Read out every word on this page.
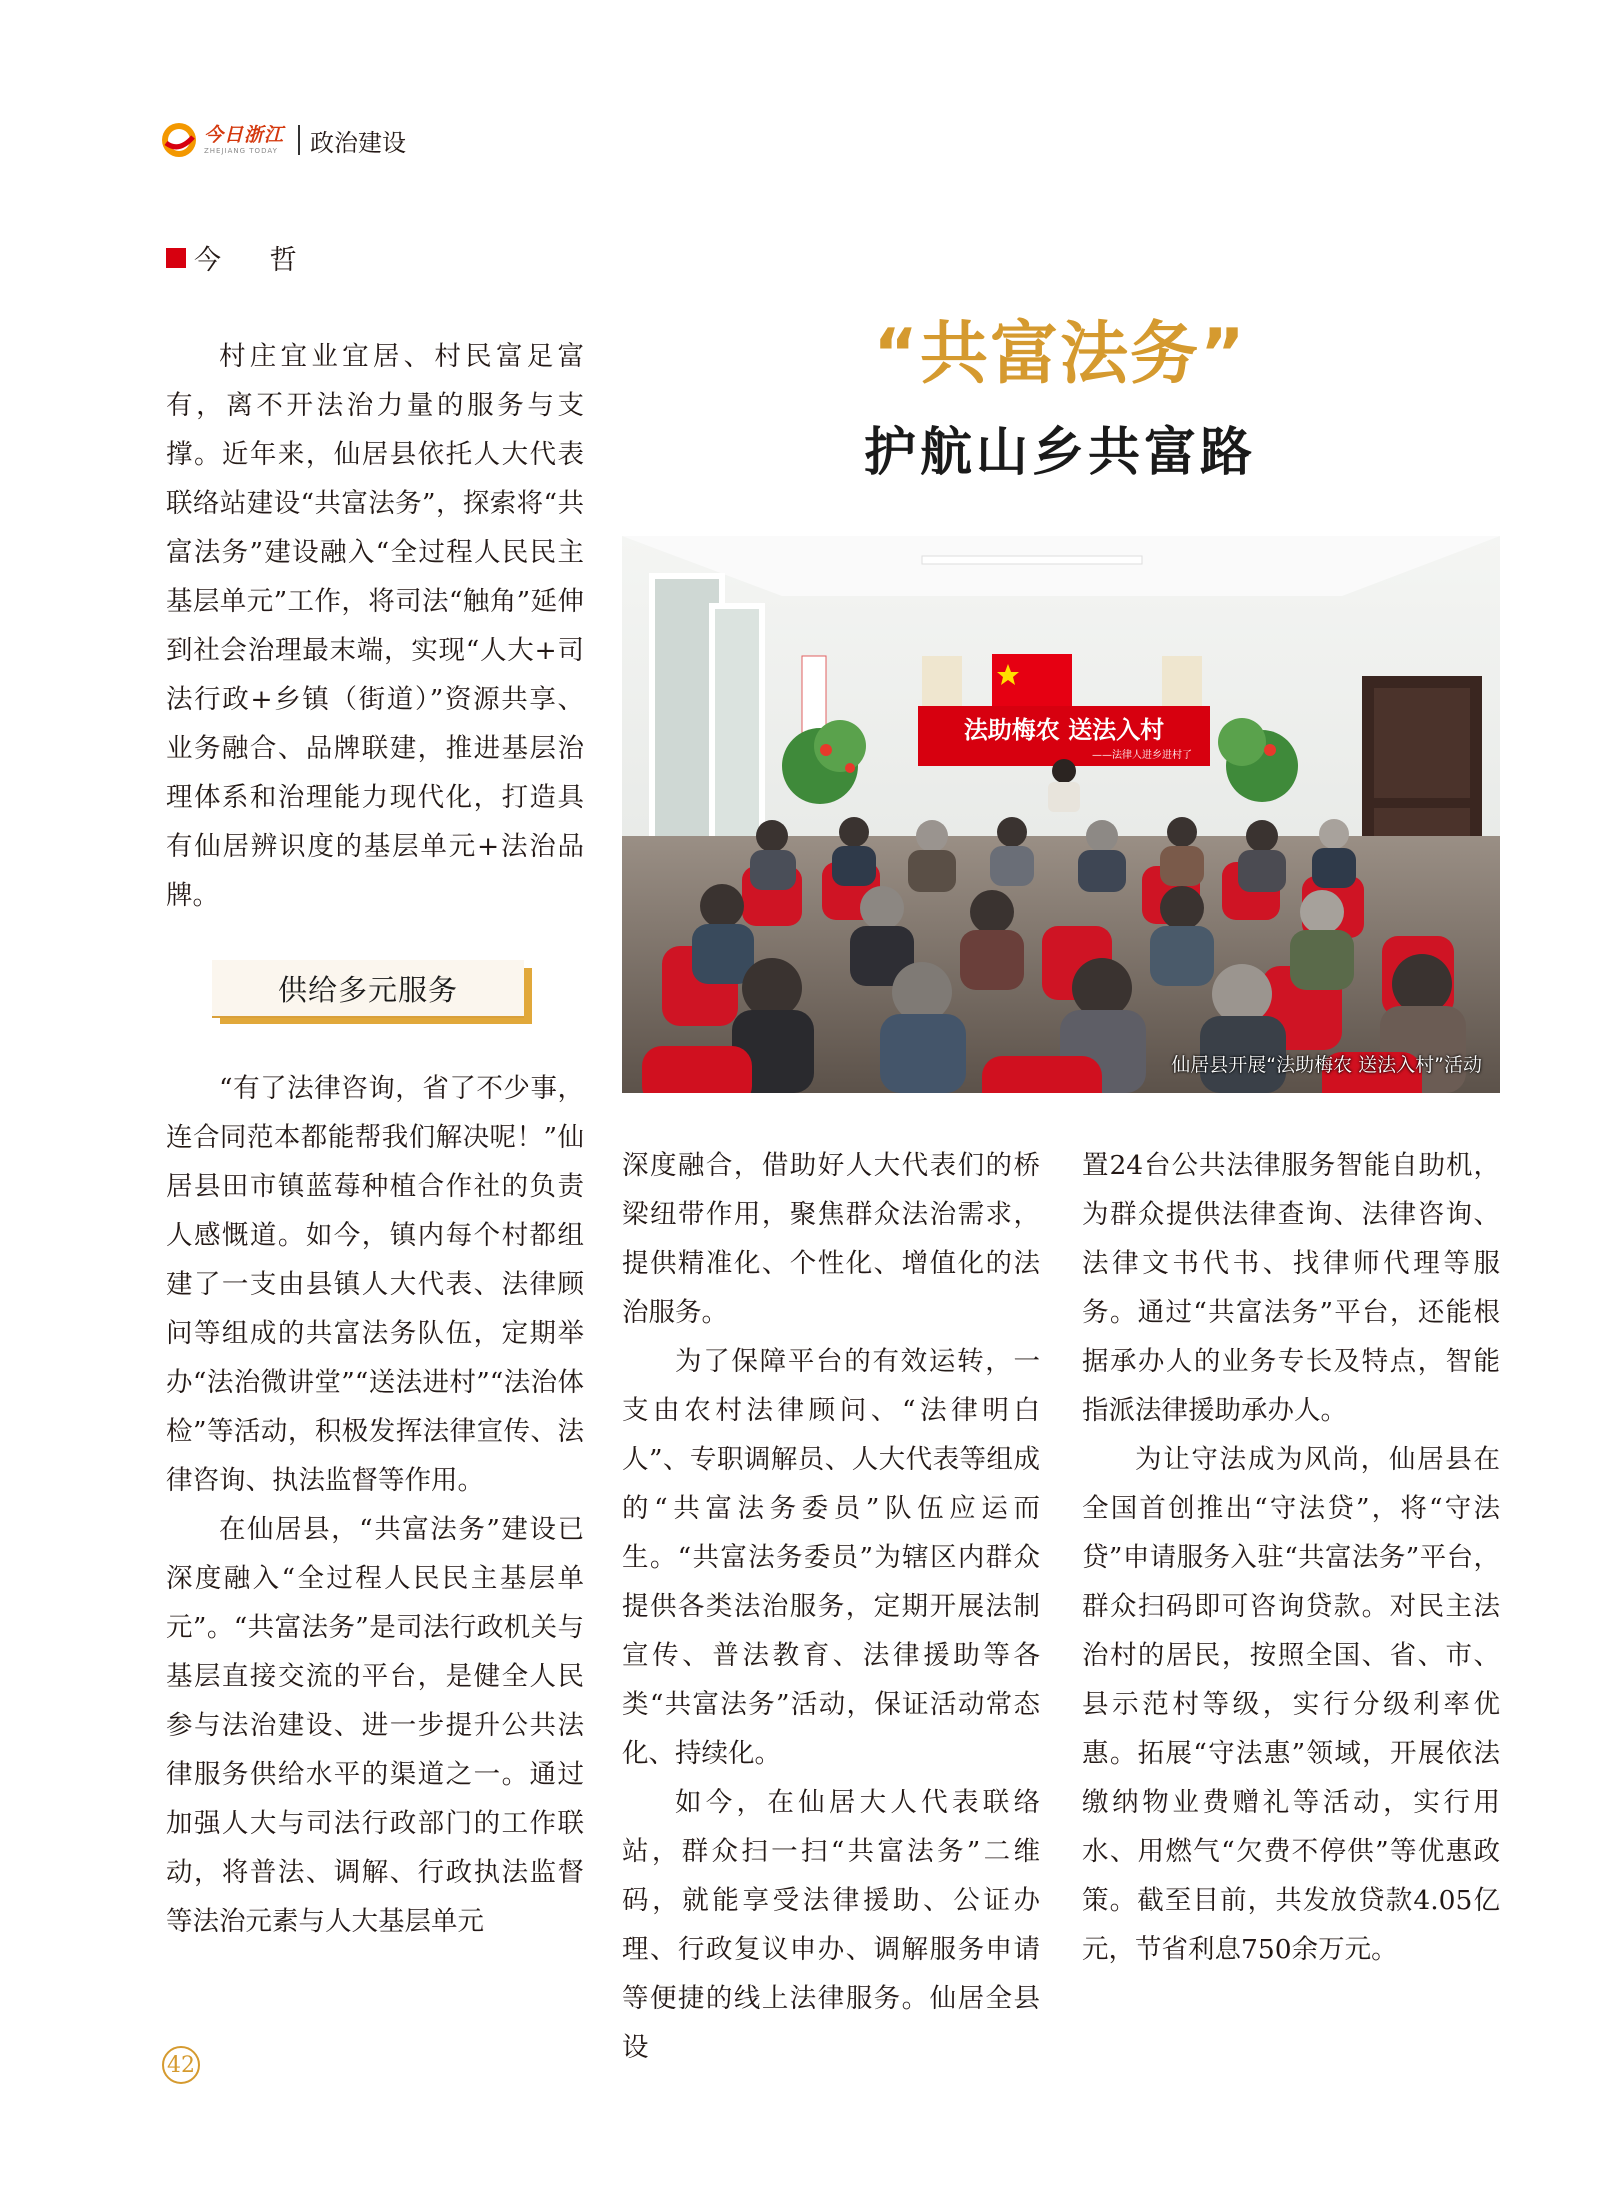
今日浙江
ZHEJIANG TODAY 政治建设
今 哲
“共富法务”
护航山乡共富路

村庄宜业宜居、村民富足富有，离不开法治力量的服务与支撑。近年来，仙居县依托人大代表联络站建设“共富法务”，探索将“共富法务”建设融入“全过程人民民主基层单元”工作，将司法“触角”延伸到社会治理最末端，实现“人大+司法行政+乡镇（街道）”资源共享、业务融合、品牌联建，推进基层治理体系和治理能力现代化，打造具有仙居辨识度的基层单元+法治品牌。

供给多元服务

“有了法律咨询，省了不少事，连合同范本都能帮我们解决呢！”仙居县田市镇蓝莓种植合作社的负责人感慨道。如今，镇内每个村都组建了一支由县镇人大代表、法律顾问等组成的共富法务队伍，定期举办“法治微讲堂”“送法进村”“法治体检”等活动，积极发挥法律宣传、法律咨询、执法监督等作用。

在仙居县，“共富法务”建设已深度融入“全过程人民民主基层单元”。“共富法务”是司法行政机关与基层直接交流的平台，是健全人民参与法治建设、进一步提升公共法律服务供给水平的渠道之一。通过加强人大与司法行政部门的工作联动，将普法、调解、行政执法监督等法治元素与人大基层单元

法助梅农 送法入村
——法律人进乡进村了
仙居县开展“法助梅农 送法入村”活动

深度融合，借助好人大代表们的桥梁纽带作用，聚焦群众法治需求，提供精准化、个性化、增值化的法治服务。

为了保障平台的有效运转，一支由农村法律顾问、“法律明白人”、专职调解员、人大代表等组成的“共富法务委员”队伍应运而生。“共富法务委员”为辖区内群众提供各类法治服务，定期开展法制宣传、普法教育、法律援助等各类“共富法务”活动，保证活动常态化、持续化。

如今，在仙居大人代表联络站，群众扫一扫“共富法务”二维码，就能享受法律援助、公证办理、行政复议申办、调解服务申请等便捷的线上法律服务。仙居全县设

置24台公共法律服务智能自助机，为群众提供法律查询、法律咨询、法律文书代书、找律师代理等服务。通过“共富法务”平台，还能根据承办人的业务专长及特点，智能指派法律援助承办人。

为让守法成为风尚，仙居县在全国首创推出“守法贷”，将“守法贷”申请服务入驻“共富法务”平台，群众扫码即可咨询贷款。对民主法治村的居民，按照全国、省、市、县示范村等级，实行分级利率优惠。拓展“守法惠”领域，开展依法缴纳物业费赠礼等活动，实行用水、用燃气“欠费不停供”等优惠政策。截至目前，共发放贷款4.05亿元，节省利息750余万元。

42
